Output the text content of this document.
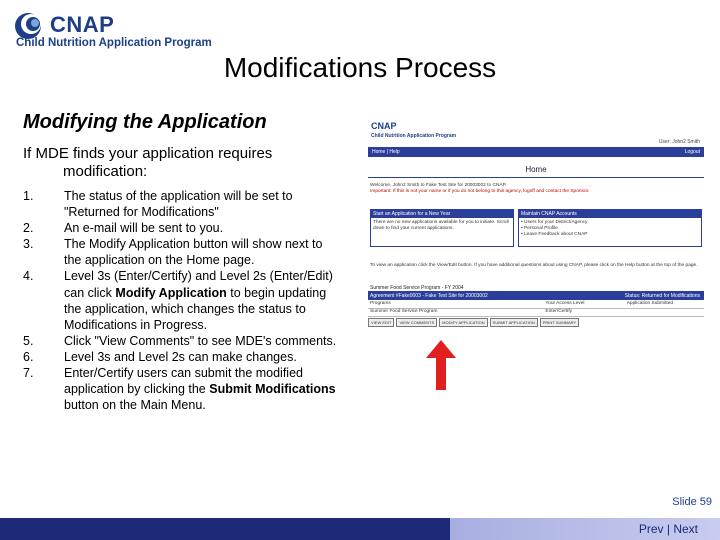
CNAP
Child Nutrition Application Program
Modifications Process
Modifying the Application
If MDE finds your application requires
modification:
1.	The status of the application will be set to "Returned for Modifications"
2.	An e-mail will be sent to you.
3.	The Modify Application button will show next to the application on the Home page.
4.	Level 3s (Enter/Certify) and Level 2s (Enter/Edit) can click Modify Application to begin updating the application, which changes the status to Modifications in Progress.
5.	Click "View Comments" to see MDE's comments.
6.	Level 3s and Level 2s can make changes.
7.	Enter/Certify users can submit the modified application by clicking the Submit Modifications button on the Main Menu.
CNAP
Child Nutrition Application Program
User: John2 Smith
Home | Help	Logout
Home
Welcome, John2 Smith to Fake Test Site for 20003002 to CNAP.
Important: If this is not your name or if you do not belong to this agency, logoff and contact the Sponsor.
Start an Application for a New Year
There are no new applications available for you to initiate. Scroll down to find your current applications.
Maintain CNAP Accounts
• Users for your District/Agency
• Personal Profile
• Leave Feedback about CNAP
To view an application click the View/Edit button. If you have additional questions about using CNAP, please click on the Help button at the top of the page.
Summer Food Service Program - FY 2004
Agreement #Fake0003 - Fake Test Site for 20003002	Status: Returned for Modifications
Programs	Your Access Level	Application Submitted
Summer Food Service Program	Enter/Certify
VIEW EDIT	VIEW COMMENTS	MODIFY APPLICATION	SUBMIT APPLICATION	PRINT SUMMARY
Slide 59
Prev | Next
